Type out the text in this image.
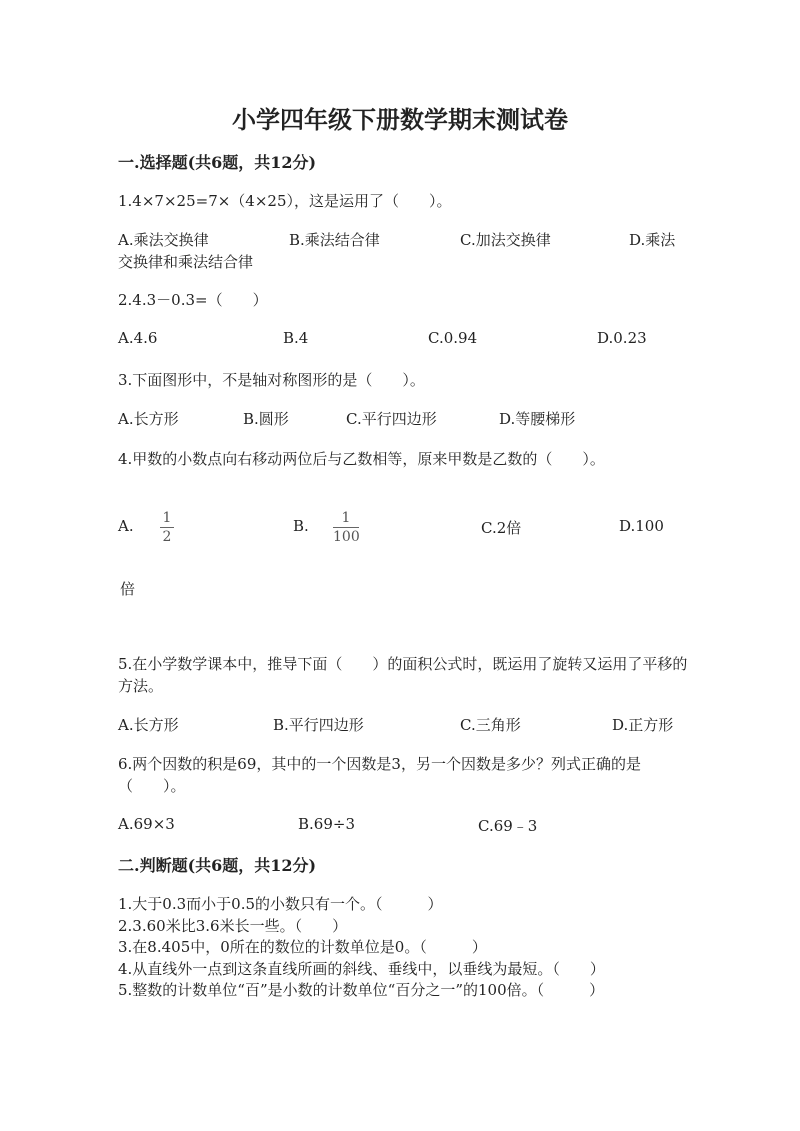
小学四年级下册数学期末测试卷
一.选择题(共6题，共12分)
1.4×7×25=7×（4×25），这是运用了（　　）。
A.乘法交换律	B.乘法结合律	C.加法交换律	D.乘法
交换律和乘法结合律
2.4.3－0.3=（　　）
A.4.6	B.4	C.0.94	D.0.23
3.下面图形中，不是轴对称图形的是（　　）。
A.长方形	B.圆形	C.平行四边形	D.等腰梯形
4.甲数的小数点向右移动两位后与乙数相等，原来甲数是乙数的（　　）。
A. 1
2
B.	1
100	C.2倍	D.100
倍
5.在小学数学课本中，推导下面（　　）的面积公式时，既运用了旋转又运用了平移的方法。
A.长方形	B.平行四边形	C.三角形	D.正方形
6.两个因数的积是69，其中的一个因数是3，另一个因数是多少？列式正确的是（　　）。
A.69×3	B.69÷3	C.69﹣3
二.判断题(共6题，共12分)
1.大于0.3而小于0.5的小数只有一个。（　　　）
2.3.60米比3.6米长一些。（　　）
3.在8.405中，0所在的数位的计数单位是0。（　　　）
4.从直线外一点到这条直线所画的斜线、垂线中，以垂线为最短。（　　）
5.整数的计数单位“百”是小数的计数单位“百分之一”的100倍。（　　　）
